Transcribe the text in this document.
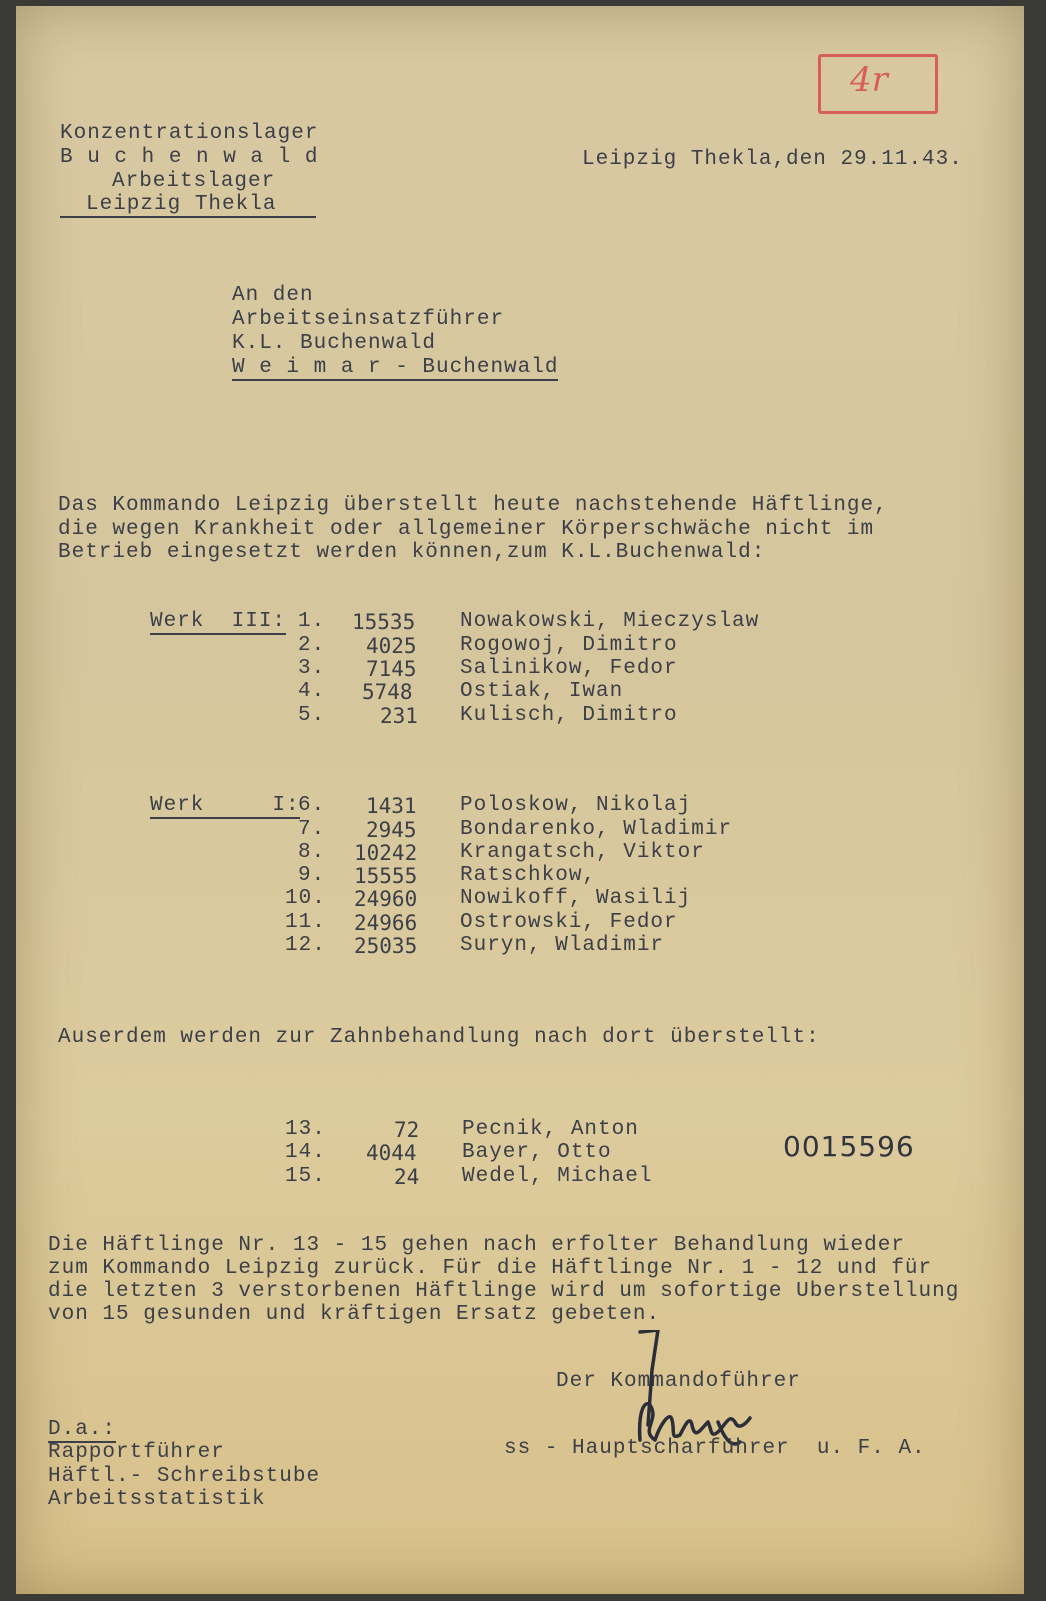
4r
Konzentrationslager
B u c h e n w a l d
Arbeitslager
Leipzig Thekla
Leipzig Thekla,den 29.11.43.
An den
Arbeitseinsatzführer
K.L. Buchenwald
W e i m a r - Buchenwald
Das Kommando Leipzig überstellt heute nachstehende Häftlinge,
die wegen Krankheit oder allgemeiner Körperschwäche nicht im
Betrieb eingesetzt werden können,zum K.L.Buchenwald:
Werk  III: 1. 15535 Nowakowski, Mieczyslaw
2. 4025 Rogowoj, Dimitro
3. 7145 Salinikow, Fedor
4. 5748 Ostiak, Iwan
5.	231 Kulisch, Dimitro
Werk     I:
6. 1431 Poloskow, Nikolaj
7. 2945 Bondarenko, Wladimir
8. 10242 Krangatsch, Viktor
9. 15555 Ratschkow,
10. 24960 Nowikoff, Wasilij
11. 24966 Ostrowski, Fedor
12. 25035 Suryn, Wladimir
Auserdem werden zur Zahnbehandlung nach dort überstellt:
13.	72 Pecnik, Anton
14. 4044 Bayer, Otto
15.	24 Wedel, Michael
0015596
Die Häftlinge Nr. 13 - 15 gehen nach erfolter Behandlung wieder
zum Kommando Leipzig zurück. Für die Häftlinge Nr. 1 - 12 und für
die letzten 3 verstorbenen Häftlinge wird um sofortige Uberstellung
von 15 gesunden und kräftigen Ersatz gebeten.
Der Kommandoführer
ss - Hauptscharführer  u. F. A.
D.a.:
Rapportführer
Häftl.- Schreibstube
Arbeitsstatistik
